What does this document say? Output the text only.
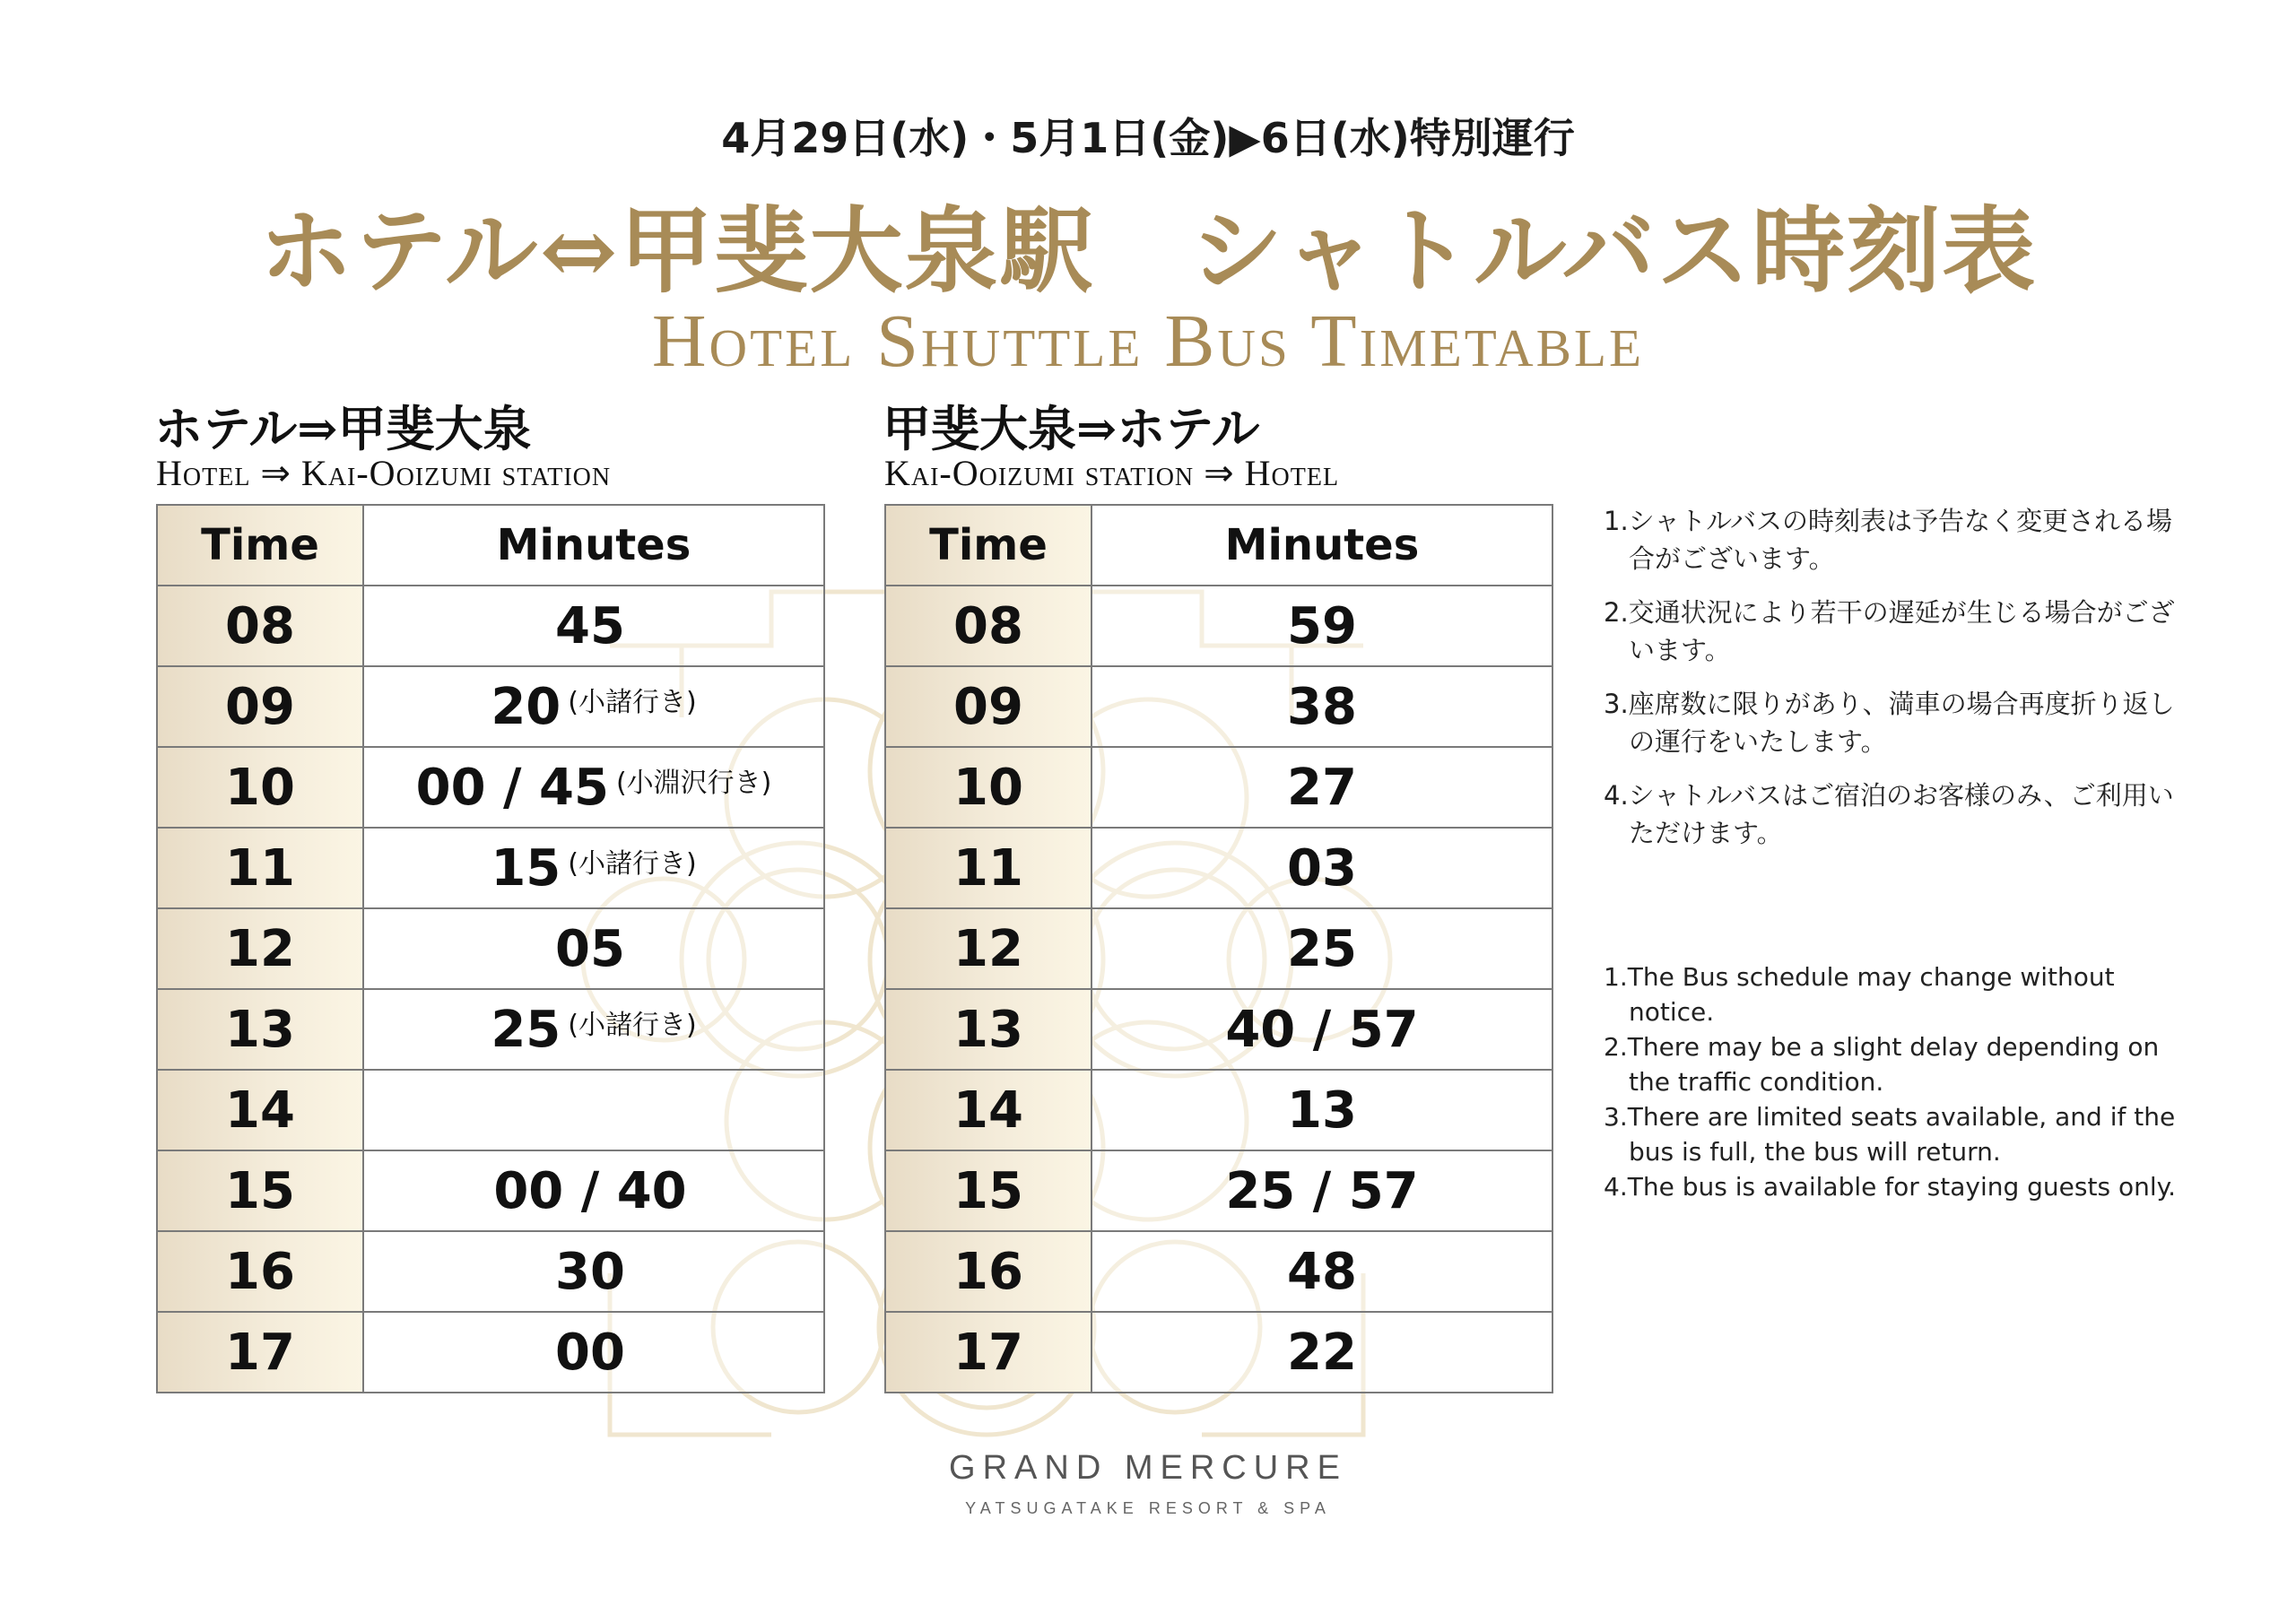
4月29日(水)・5月1日(金)▶6日(水)特別運行
ホテル⇔甲斐大泉駅　シャトルバス時刻表
Hotel Shuttle Bus Timetable
ホテル⇒甲斐大泉
Hotel ⇒ Kai-Ooizumi station
Time	Minutes
08	45
09	20 $^{(小諸行き)}$
10	00 / 45 $^{(小淵沢行き)}$
11	15 $^{(小諸行き)}$
12	05
13	25 $^{(小諸行き)}$
14	
15	00 / 40
16	30
17	00
甲斐大泉⇒ホテル
Kai-Ooizumi station ⇒ Hotel
Time	Minutes
08	59
09	38
10	27
11	03
12	25
13	40 / 57
14	13
15	25 / 57
16	48
17	22

1.シャトルバスの時刻表は予告なく変更される場合がございます。

2.交通状況により若干の遅延が生じる場合がございます。

3.座席数に限りがあり、満車の場合再度折り返しの運行をいたします。

4.シャトルバスはご宿泊のお客様のみ、ご利用いただけます。

1.The Bus schedule may change without notice.

2.There may be a slight delay depending on the traffic condition.

3.There are limited seats available, and if the bus is full, the bus will return.

4.The bus is available for staying guests only.

GRAND MERCURE
YATSUGATAKE RESORT & SPA
